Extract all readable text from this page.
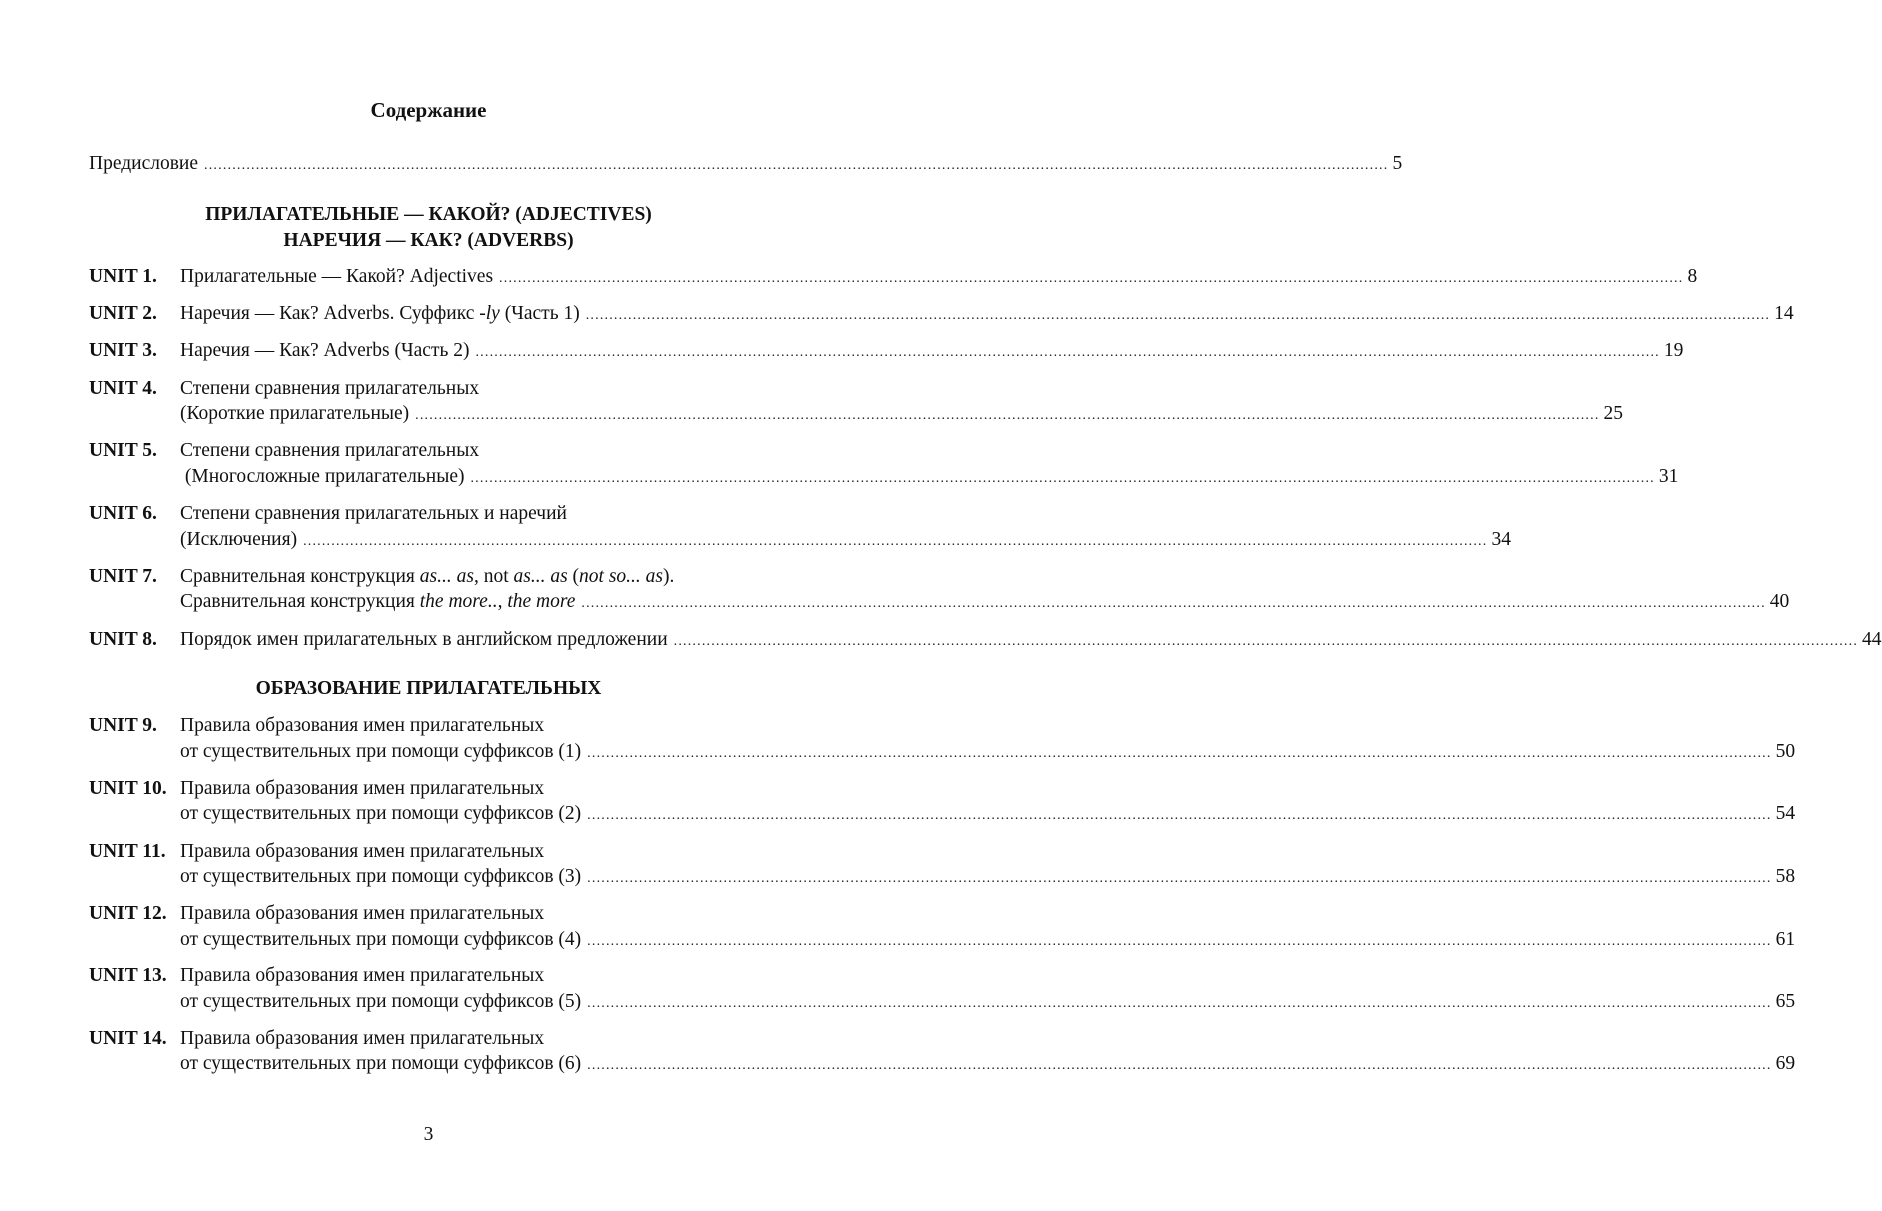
Содержание
Предисловие .....	5
ПРИЛАГАТЕЛЬНЫЕ — КАКОЙ? (ADJECTIVES)
НАРЕЧИЯ — КАК? (ADVERBS)
UNIT 1.	Прилагательные — Какой? Adjectives .....	8
UNIT 2.	Наречия — Как? Adverbs. Суффикс -ly (Часть 1) .....	14
UNIT 3.	Наречия — Как? Adverbs (Часть 2) .....	19
UNIT 4.	Степени сравнения прилагательных
(Короткие прилагательные) .....	25
UNIT 5.	Степени сравнения прилагательных
(Многосложные прилагательные) .....	31
UNIT 6.	Степени сравнения прилагательных и наречий
(Исключения) .....	34
UNIT 7.	Сравнительная конструкция as... as, not as... as (not so... as).
Сравнительная конструкция the more.., the more .....	40
UNIT 8.	Порядок имен прилагательных в английском предложении .....	44
ОБРАЗОВАНИЕ ПРИЛАГАТЕЛЬНЫХ
UNIT 9.	Правила образования имен прилагательных
от существительных при помощи суффиксов (1) .....	50
UNIT 10. Правила образования имен прилагательных
от существительных при помощи суффиксов (2) .....	54
UNIT 11. Правила образования имен прилагательных
от существительных при помощи суффиксов (3) .....	58
UNIT 12. Правила образования имен прилагательных
от существительных при помощи суффиксов (4) .....	61
UNIT 13. Правила образования имен прилагательных
от существительных при помощи суффиксов (5) .....	65
UNIT 14. Правила образования имен прилагательных
от существительных при помощи суффиксов (6) .....	69
3
